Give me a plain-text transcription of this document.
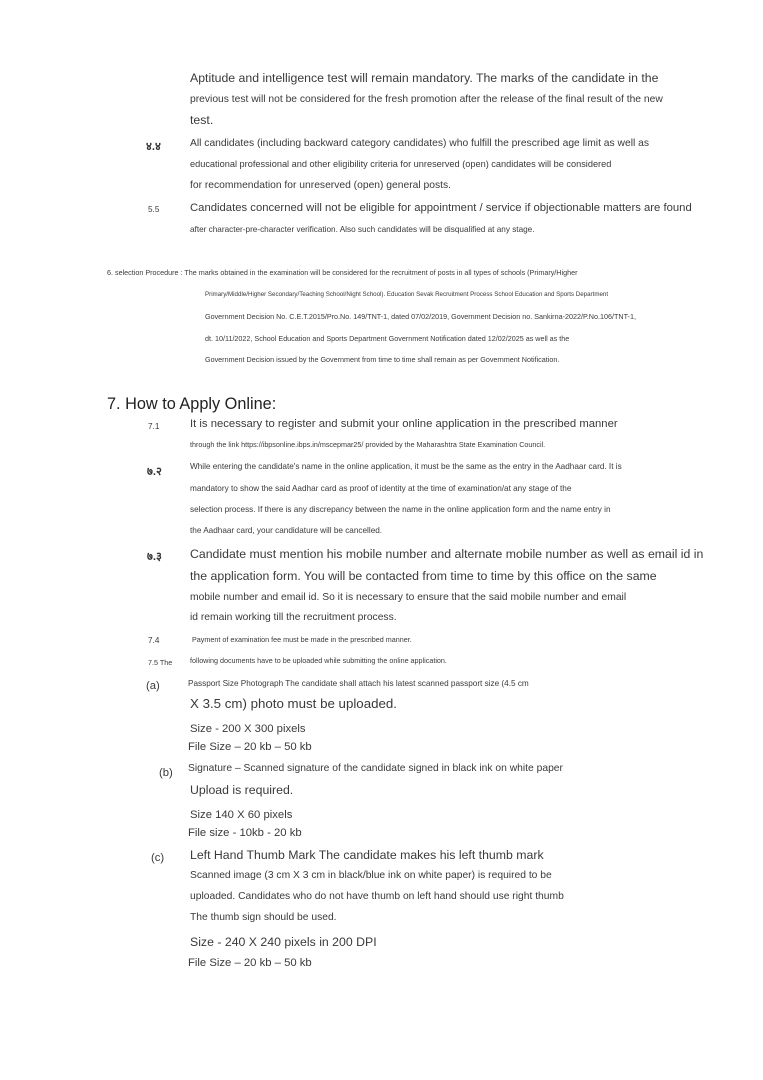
Aptitude and intelligence test will remain mandatory. The marks of the candidate in the
previous test will not be considered for the fresh promotion after the release of the final result of the new
test.
४.४	All candidates (including backward category candidates) who fulfill the prescribed age limit as well as
educational professional and other eligibility criteria for unreserved (open) candidates will be considered
for recommendation for unreserved (open) general posts.
5.5	Candidates concerned will not be eligible for appointment / service if objectionable matters are found
after character-pre-character verification. Also such candidates will be disqualified at any stage.
6. selection Procedure : The marks obtained in the examination will be considered for the recruitment of posts in all types of schools (Primary/Higher
Primary/Middle/Higher Secondary/Teaching School/Night School). Education Sevak Recruitment Process School Education and Sports Department
Government Decision No. C.E.T.2015/Pro.No. 149/TNT-1, dated 07/02/2019, Government Decision no. Sankirna-2022/P.No.106/TNT-1,
dt. 10/11/2022, School Education and Sports Department Government Notification dated 12/02/2025 as well as the
Government Decision issued by the Government from time to time shall remain as per Government Notification.
7. How to Apply Online:
7.1	It is necessary to register and submit your online application in the prescribed manner
through the link https://ibpsonline.ibps.in/mscepmar25/ provided by the Maharashtra State Examination Council.
७.२	While entering the candidate's name in the online application, it must be the same as the entry in the Aadhaar card. It is
mandatory to show the said Aadhar card as proof of identity at the time of examination/at any stage of the
selection process. If there is any discrepancy between the name in the online application form and the name entry in
the Aadhaar card, your candidature will be cancelled.
७.३ Candidate must mention his mobile number and alternate mobile number as well as email id in
the application form. You will be contacted from time to time by this office on the same
mobile number and email id. So it is necessary to ensure that the said mobile number and email
id remain working till the recruitment process.
7.4	Payment of examination fee must be made in the prescribed manner.
7.5 The following documents have to be uploaded while submitting the online application.
(a)	Passport Size Photograph The candidate shall attach his latest scanned passport size (4.5 cm
X 3.5 cm) photo must be uploaded.
Size - 200 X 300 pixels
File Size – 20 kb – 50 kb
(b) Signature – Scanned signature of the candidate signed in black ink on white paper
Upload is required.
Size 140 X 60 pixels
File size - 10kb - 20 kb
(c) Left Hand Thumb Mark The candidate makes his left thumb mark
Scanned image (3 cm X 3 cm in black/blue ink on white paper) is required to be
uploaded. Candidates who do not have thumb on left hand should use right thumb
The thumb sign should be used.
Size - 240 X 240 pixels in 200 DPI
File Size – 20 kb – 50 kb
